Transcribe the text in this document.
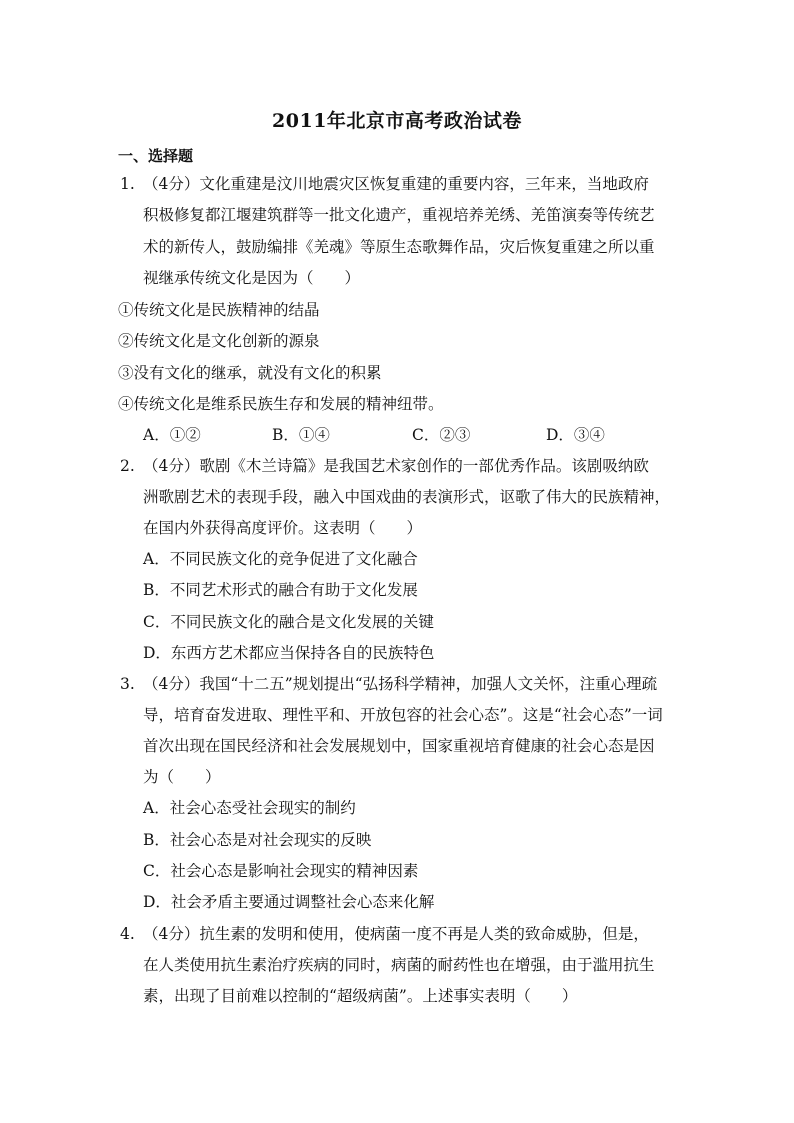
2011年北京市高考政治试卷
一、选择题
1. （4分）文化重建是汶川地震灾区恢复重建的重要内容，三年来，当地政府
积极修复都江堰建筑群等一批文化遗产，重视培养羌绣、羌笛演奏等传统艺
术的新传人，鼓励编排《羌魂》等原生态歌舞作品，灾后恢复重建之所以重
视继承传统文化是因为（　　）
①传统文化是民族精神的结晶
②传统文化是文化创新的源泉
③没有文化的继承，就没有文化的积累
④传统文化是维系民族生存和发展的精神纽带。
A．①②	B．①④	C．②③	D．③④
2. （4分）歌剧《木兰诗篇》是我国艺术家创作的一部优秀作品。该剧吸纳欧
洲歌剧艺术的表现手段，融入中国戏曲的表演形式，讴歌了伟大的民族精神，
在国内外获得高度评价。这表明（　　）
A．不同民族文化的竞争促进了文化融合
B．不同艺术形式的融合有助于文化发展
C．不同民族文化的融合是文化发展的关键
D．东西方艺术都应当保持各自的民族特色
3. （4分）我国“十二五”规划提出“弘扬科学精神，加强人文关怀，注重心理疏
导，培育奋发进取、理性平和、开放包容的社会心态”。这是“社会心态”一词
首次出现在国民经济和社会发展规划中，国家重视培育健康的社会心态是因
为（　　）
A．社会心态受社会现实的制约
B．社会心态是对社会现实的反映
C．社会心态是影响社会现实的精神因素
D．社会矛盾主要通过调整社会心态来化解
4. （4分）抗生素的发明和使用，使病菌一度不再是人类的致命威胁，但是，
在人类使用抗生素治疗疾病的同时，病菌的耐药性也在增强，由于滥用抗生
素，出现了目前难以控制的“超级病菌”。上述事实表明（　　）
